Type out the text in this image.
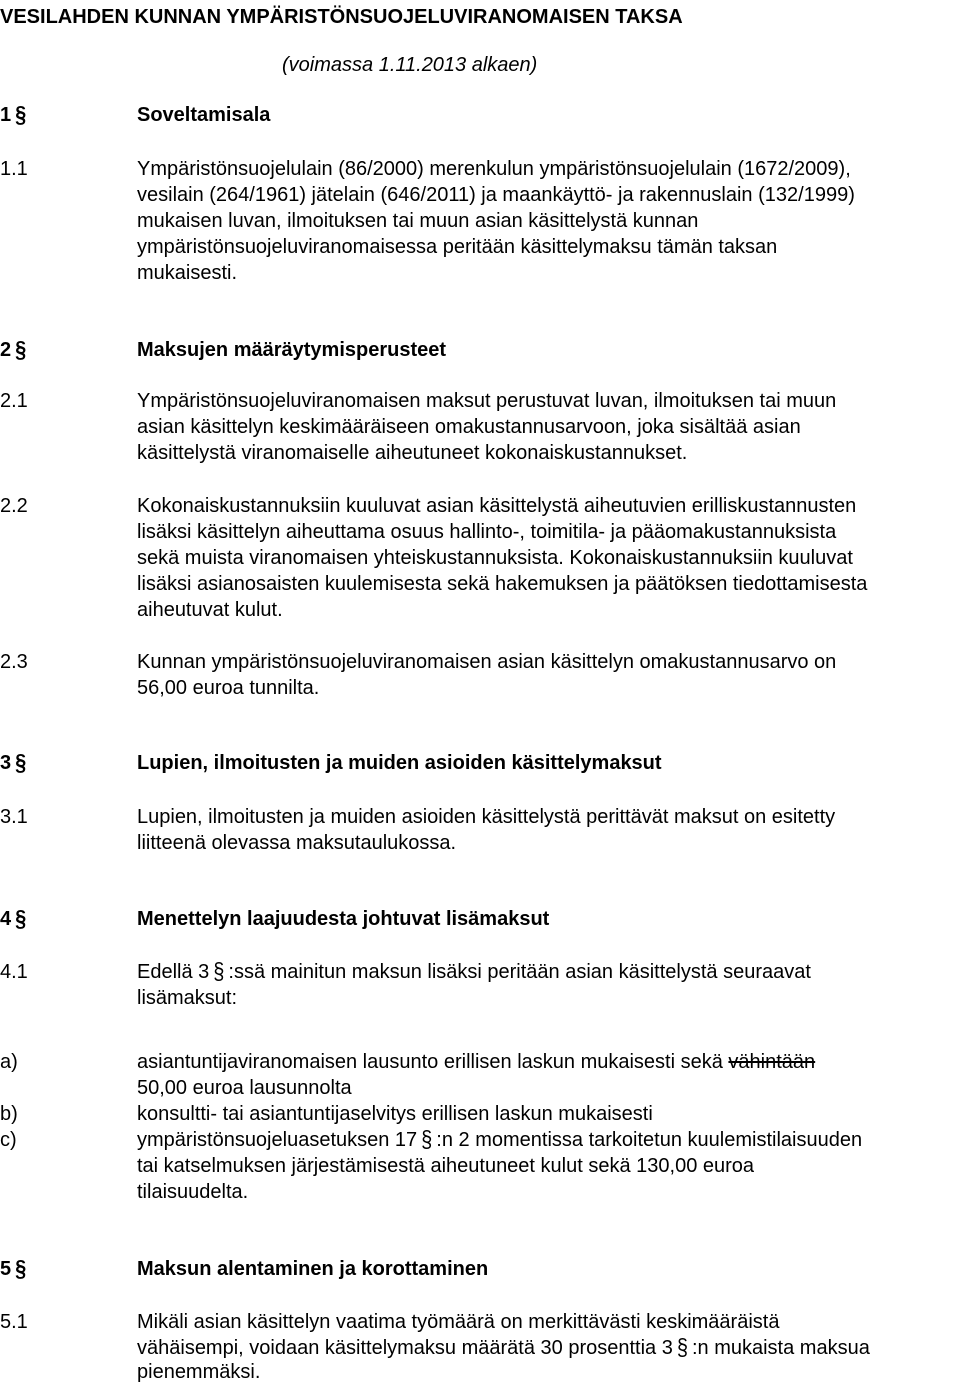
VESILAHDEN KUNNAN YMPÄRISTÖNSUOJELUVIRANOMAISEN TAKSA
(voimassa 1.11.2013 alkaen)
1 §	Soveltamisala
1.1	Ympäristönsuojelulain (86/2000) merenkulun ympäristönsuojelulain (1672/2009),
vesilain (264/1961) jätelain (646/2011) ja maankäyttö- ja rakennuslain (132/1999)
mukaisen luvan, ilmoituksen tai muun asian käsittelystä kunnan
ympäristönsuojeluviranomaisessa peritään käsittelymaksu tämän taksan
mukaisesti.
2 §	Maksujen määräytymisperusteet
2.1	Ympäristönsuojeluviranomaisen maksut perustuvat luvan, ilmoituksen tai muun
asian käsittelyn keskimääräiseen omakustannusarvoon, joka sisältää asian
käsittelystä viranomaiselle aiheutuneet kokonaiskustannukset.
2.2	Kokonaiskustannuksiin kuuluvat asian käsittelystä aiheutuvien erilliskustannusten
lisäksi käsittelyn aiheuttama osuus hallinto-, toimitila- ja pääomakustannuksista
sekä muista viranomaisen yhteiskustannuksista. Kokonaiskustannuksiin kuuluvat
lisäksi asianosaisten kuulemisesta sekä hakemuksen ja päätöksen tiedottamisesta
aiheutuvat kulut.
2.3	Kunnan ympäristönsuojeluviranomaisen asian käsittelyn omakustannusarvo on
56,00 euroa tunnilta.
3 §	Lupien, ilmoitusten ja muiden asioiden käsittelymaksut
3.1	Lupien, ilmoitusten ja muiden asioiden käsittelystä perittävät maksut on esitetty
liitteenä olevassa maksutaulukossa.
4 §	Menettelyn laajuudesta johtuvat lisämaksut
4.1	Edellä 3 § :ssä mainitun maksun lisäksi peritään asian käsittelystä seuraavat
lisämaksut:
a)	asiantuntijaviranomaisen lausunto erillisen laskun mukaisesti sekä vähintään
50,00 euroa lausunnolta
b)	konsultti- tai asiantuntijaselvitys erillisen laskun mukaisesti
c)	ympäristönsuojeluasetuksen 17 § :n 2 momentissa tarkoitetun kuulemistilaisuuden
tai katselmuksen järjestämisestä aiheutuneet kulut sekä 130,00 euroa
tilaisuudelta.
5 §	Maksun alentaminen ja korottaminen
5.1	Mikäli asian käsittelyn vaatima työmäärä on merkittävästi keskimääräistä
vähäisempi, voidaan käsittelymaksu määrätä 30 prosenttia 3 § :n mukaista maksua
pienemmäksi.
